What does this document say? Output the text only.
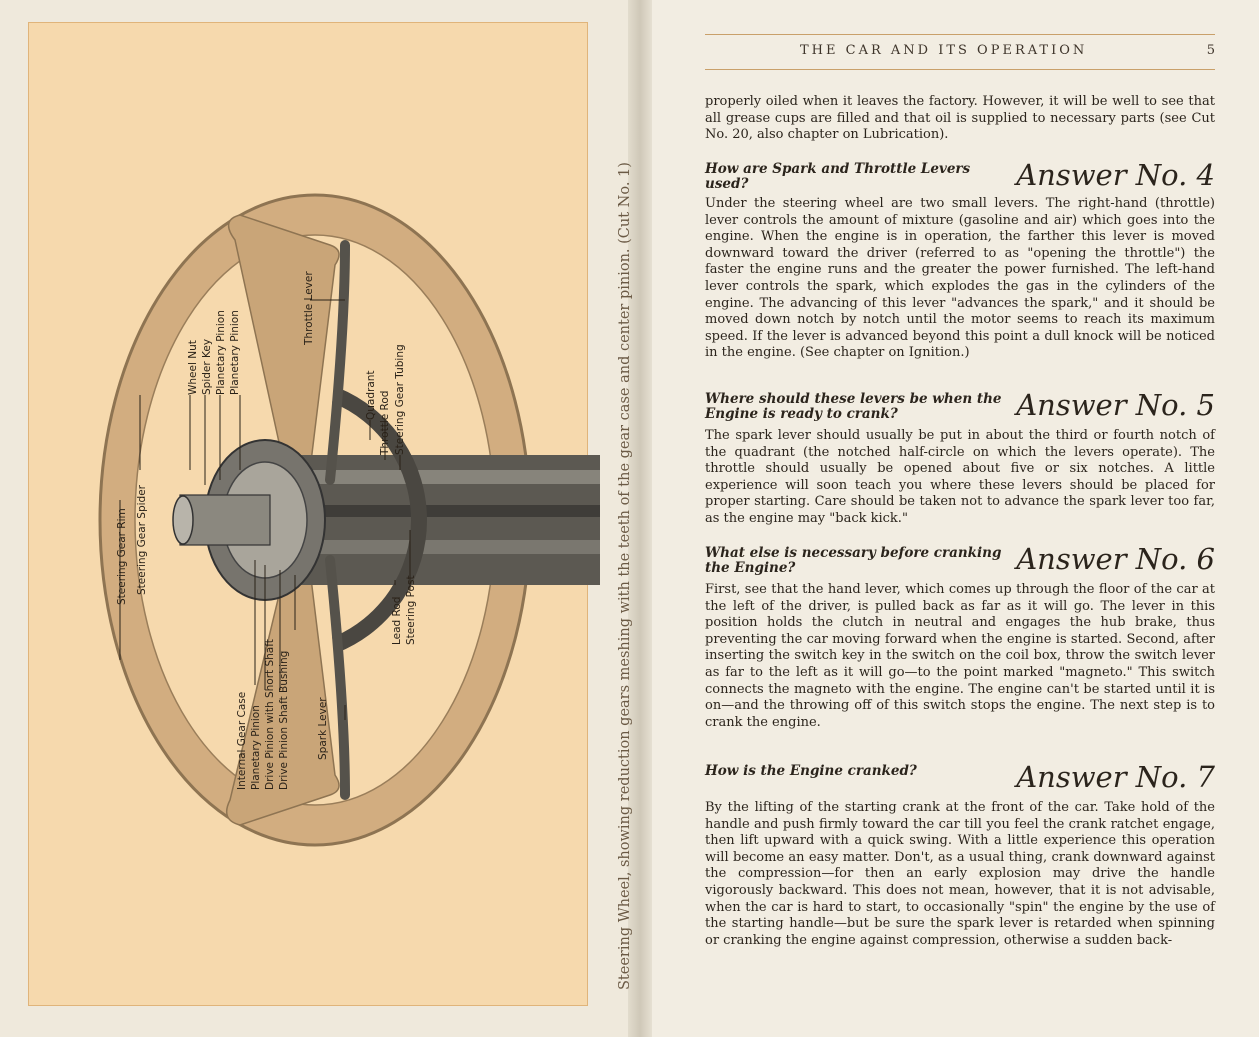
Steering Gear Rim Steering Gear Spider
Wheel Nut Spider Key Planetary Pinion Planetary Pinion
Throttle Lever
Quadrant Throttle Rod Steering Gear Tubing
Internal Gear Case Planetary Pinion Drive Pinion with Short Shaft Drive Pinion Shaft Bushing	Spark Lever
Lead Rod Steering Post	Steering Wheel, showing reduction gears meshing with the teeth of the gear case and center pinion. (Cut No. 1)
THE CAR AND ITS OPERATION	5

properly oiled when it leaves the factory. However, it will be well to see that all grease cups are filled and that oil is supplied to necessary parts (see Cut No. 20, also chapter on Lubrication).

How are Spark and Throttle Levers used?	Answer No. 4

Under the steering wheel are two small levers. The right-hand (throttle) lever controls the amount of mixture (gasoline and air) which goes into the engine. When the engine is in operation, the farther this lever is moved downward toward the driver (referred to as "opening the throttle") the faster the engine runs and the greater the power furnished. The left-hand lever controls the spark, which explodes the gas in the cylinders of the engine. The advancing of this lever "advances the spark," and it should be moved down notch by notch until the motor seems to reach its maximum speed. If the lever is advanced beyond this point a dull knock will be noticed in the engine. (See chapter on Ignition.)

Where should these levers be when the Engine is ready to crank?	Answer No. 5

The spark lever should usually be put in about the third or fourth notch of the quadrant (the notched half-circle on which the levers operate). The throttle should usually be opened about five or six notches. A little experience will soon teach you where these levers should be placed for proper starting. Care should be taken not to advance the spark lever too far, as the engine may "back kick."

What else is necessary before cranking the Engine?	Answer No. 6

First, see that the hand lever, which comes up through the floor of the car at the left of the driver, is pulled back as far as it will go. The lever in this position holds the clutch in neutral and engages the hub brake, thus preventing the car moving forward when the engine is started. Second, after inserting the switch key in the switch on the coil box, throw the switch lever as far to the left as it will go—to the point marked "magneto." This switch connects the magneto with the engine. The engine can't be started until it is on—and the throwing off of this switch stops the engine. The next step is to crank the engine.

How is the Engine cranked?	Answer No. 7

By the lifting of the starting crank at the front of the car. Take hold of the handle and push firmly toward the car till you feel the crank ratchet engage, then lift upward with a quick swing. With a little experience this operation will become an easy matter. Don't, as a usual thing, crank downward against the compression—for then an early explosion may drive the handle vigorously backward. This does not mean, however, that it is not advisable, when the car is hard to start, to occasionally "spin" the engine by the use of the starting handle—but be sure the spark lever is retarded when spinning or cranking the engine against compression, otherwise a sudden back-
